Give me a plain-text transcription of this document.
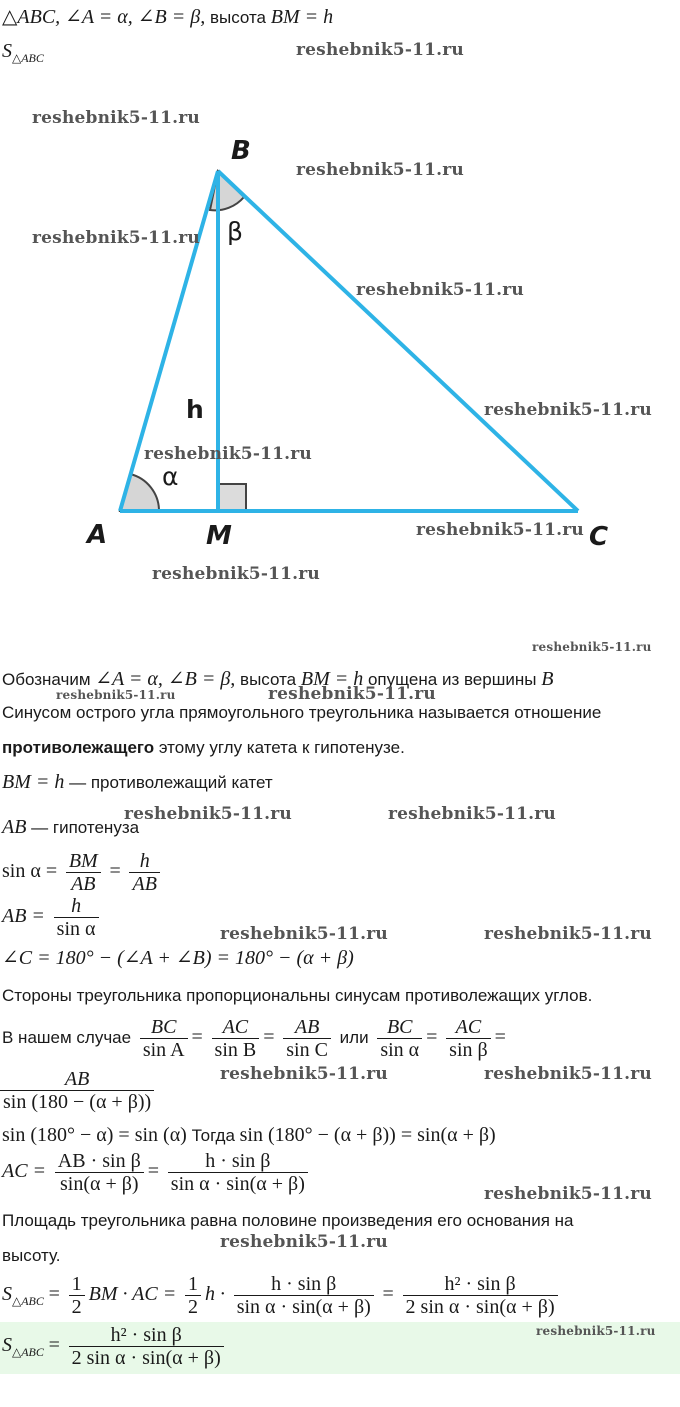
△ABC, ∠A = α, ∠B = β, высота BM = h
$S_{\triangle ABC}$
A
B
C
M
h
α
β
Обозначим ∠A = α, ∠B = β, высота BM = h опущена из вершины B
Синусом острого угла прямоугольного треугольника называется отношение
противолежащего этому углу катета к гипотенузе.
BM = h — противолежащий катет
AB — гипотенуза
$\sin \alpha = \frac{BM}{AB} = \frac{h}{AB}$
AB = $\frac{h}{\text{sin α}}$
∠C = 180° − (∠A + ∠B) = 180° − (α + β)
Стороны треугольника пропорциональны синусам противолежащих углов.
В нашем случае $\frac{BC}{\text{sin A}} = \frac{AC}{\text{sin B}} = \frac{AB}{\text{sin C}}$ или $\frac{BC}{\text{sin α}} = \frac{AC}{\text{sin β}}$ =
$\frac{AB}{\sin (180 - (\alpha + \beta))}$
sin (180° − α) = sin (α) Тогда sin (180° − (α + β)) = sin(α + β)
AC = $\frac{\text{AB · sin β}}{\sin(\alpha + \beta)} = \frac{\text{h · sin β}}{\text{sin α · sin(α + β)}}$
Площадь треугольника равна половине произведения его основания на
высоту.
$S_{\triangle ABC} = \frac{1}{2}$ BM · AC = $\frac{1}{2}$ $h \cdot \frac{\text{h · sin β}}{\text{sin α · sin(α + β)}} = \frac{\text{h² · sin β}}{\text{2 sin α · sin(α + β)}}$
$S_{\triangle ABC} = \frac{\text{h² · sin β}}{\text{2 sin α · sin(α + β)}}$
reshebnik5-11.ru
reshebnik5-11.ru
reshebnik5-11.ru
reshebnik5-11.ru
reshebnik5-11.ru
reshebnik5-11.ru
reshebnik5-11.ru
reshebnik5-11.ru
reshebnik5-11.ru
reshebnik5-11.ru
reshebnik5-11.ru	reshebnik5-11.ru
reshebnik5-11.ru	reshebnik5-11.ru
reshebnik5-11.ru	reshebnik5-11.ru
reshebnik5-11.ru	reshebnik5-11.ru
reshebnik5-11.ru
reshebnik5-11.ru
reshebnik5-11.ru
